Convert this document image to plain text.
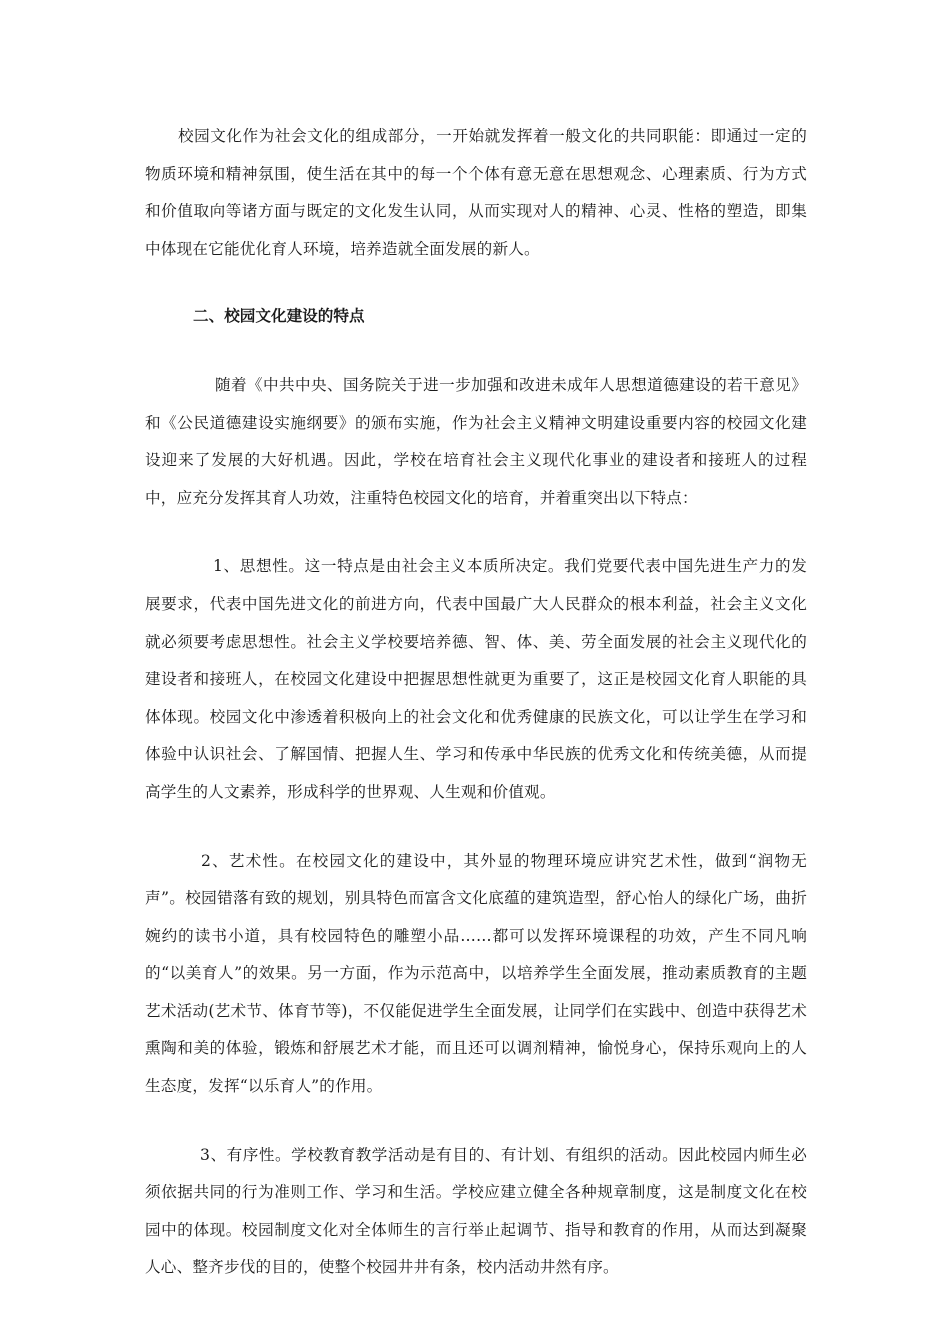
校园文化作为社会文化的组成部分，一开始就发挥着一般文化的共同职能：即通过一定的物质环境和精神氛围，使生活在其中的每一个个体有意无意在思想观念、心理素质、行为方式和价值取向等诸方面与既定的文化发生认同，从而实现对人的精神、心灵、性格的塑造，即集中体现在它能优化育人环境，培养造就全面发展的新人。

二、校园文化建设的特点

随着《中共中央、国务院关于进一步加强和改进未成年人思想道德建设的若干意见》和《公民道德建设实施纲要》的颁布实施，作为社会主义精神文明建设重要内容的校园文化建设迎来了发展的大好机遇。因此，学校在培育社会主义现代化事业的建设者和接班人的过程中，应充分发挥其育人功效，注重特色校园文化的培育，并着重突出以下特点：

1、思想性。这一特点是由社会主义本质所决定。我们党要代表中国先进生产力的发展要求，代表中国先进文化的前进方向，代表中国最广大人民群众的根本利益，社会主义文化就必须要考虑思想性。社会主义学校要培养德、智、体、美、劳全面发展的社会主义现代化的建设者和接班人，在校园文化建设中把握思想性就更为重要了，这正是校园文化育人职能的具体体现。校园文化中渗透着积极向上的社会文化和优秀健康的民族文化，可以让学生在学习和体验中认识社会、了解国情、把握人生、学习和传承中华民族的优秀文化和传统美德，从而提高学生的人文素养，形成科学的世界观、人生观和价值观。

2、艺术性。在校园文化的建设中，其外显的物理环境应讲究艺术性，做到“润物无声”。校园错落有致的规划，别具特色而富含文化底蕴的建筑造型，舒心怡人的绿化广场，曲折婉约的读书小道，具有校园特色的雕塑小品……都可以发挥环境课程的功效，产生不同凡响的“以美育人”的效果。另一方面，作为示范高中，以培养学生全面发展，推动素质教育的主题艺术活动(艺术节、体育节等)，不仅能促进学生全面发展，让同学们在实践中、创造中获得艺术熏陶和美的体验，锻炼和舒展艺术才能，而且还可以调剂精神，愉悦身心，保持乐观向上的人生态度，发挥“以乐育人”的作用。

3、有序性。学校教育教学活动是有目的、有计划、有组织的活动。因此校园内师生必须依据共同的行为准则工作、学习和生活。学校应建立健全各种规章制度，这是制度文化在校园中的体现。校园制度文化对全体师生的言行举止起调节、指导和教育的作用，从而达到凝聚人心、整齐步伐的目的，使整个校园井井有条，校内活动井然有序。
